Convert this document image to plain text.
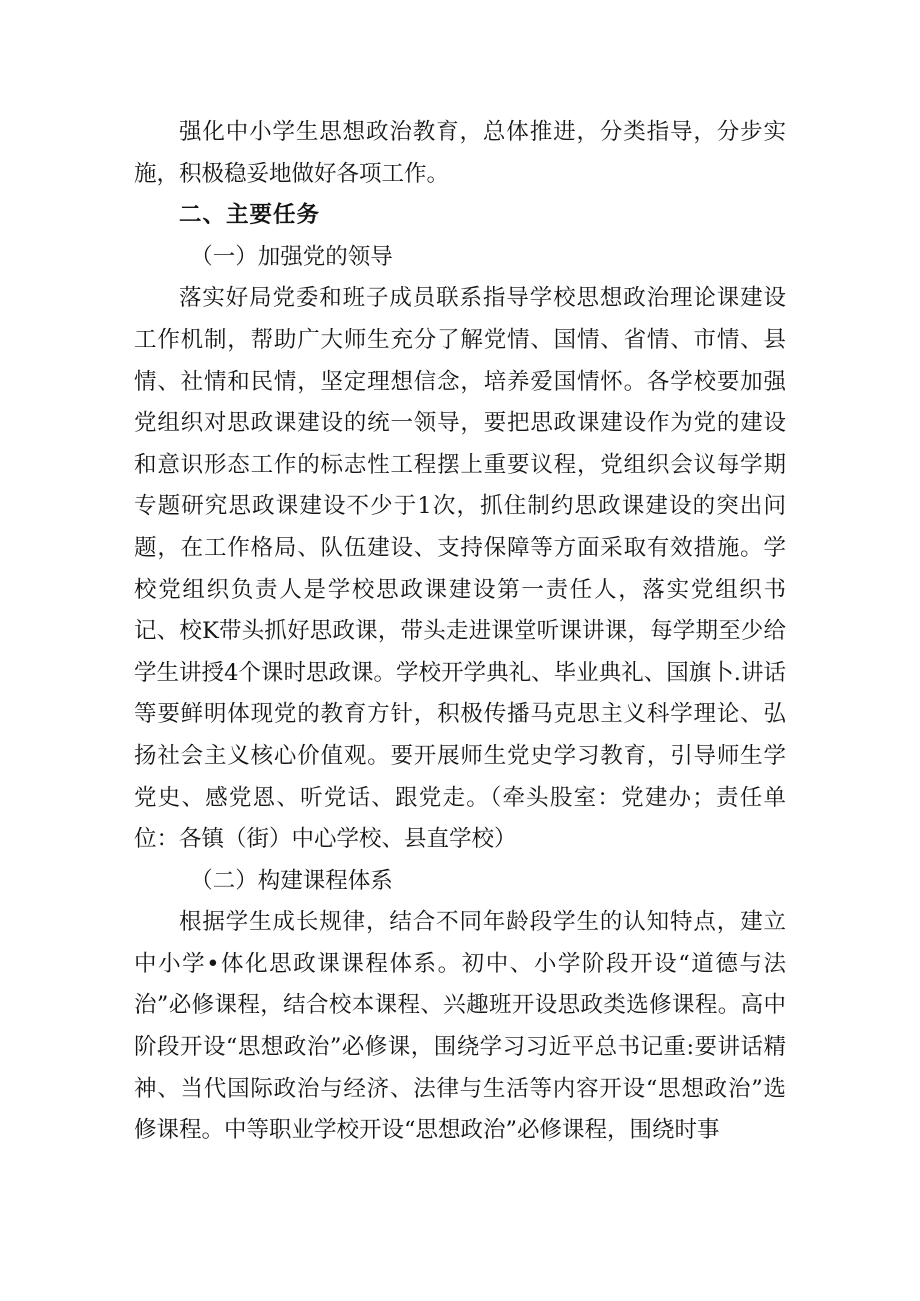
强化中小学生思想政治教育，总体推进，分类指导，分步实施，积极稳妥地做好各项工作。

二、主要任务

（一）加强党的领导

落实好局党委和班子成员联系指导学校思想政治理论课建设工作机制，帮助广大师生充分了解党情、国情、省情、市情、县情、社情和民情，坚定理想信念，培养爱国情怀。各学校要加强党组织对思政课建设的统一领导，要把思政课建设作为党的建设和意识形态工作的标志性工程摆上重要议程，党组织会议每学期专题研究思政课建设不少于1次，抓住制约思政课建设的突出问题，在工作格局、队伍建设、支持保障等方面采取有效措施。学校党组织负责人是学校思政课建设第一责任人，落实党组织书记、校K带头抓好思政课，带头走进课堂听课讲课，每学期至少给学生讲授4个课时思政课。学校开学典礼、毕业典礼、国旗卜.讲话等要鲜明体现党的教育方针，积极传播马克思主义科学理论、弘扬社会主义核心价值观。要开展师生党史学习教育，引导师生学党史、感党恩、听党话、跟党走。（牵头股室：党建办；责任单位：各镇（街）中心学校、县直学校）

（二）构建课程体系

根据学生成长规律，结合不同年龄段学生的认知特点，建立中小学•体化思政课课程体系。初中、小学阶段开设“道德与法治”必修课程，结合校本课程、兴趣班开设思政类选修课程。高中阶段开设“思想政治”必修课，围绕学习习近平总书记重:要讲话精神、当代国际政治与经济、法律与生活等内容开设“思想政治”选修课程。中等职业学校开设“思想政治”必修课程，围绕时事
